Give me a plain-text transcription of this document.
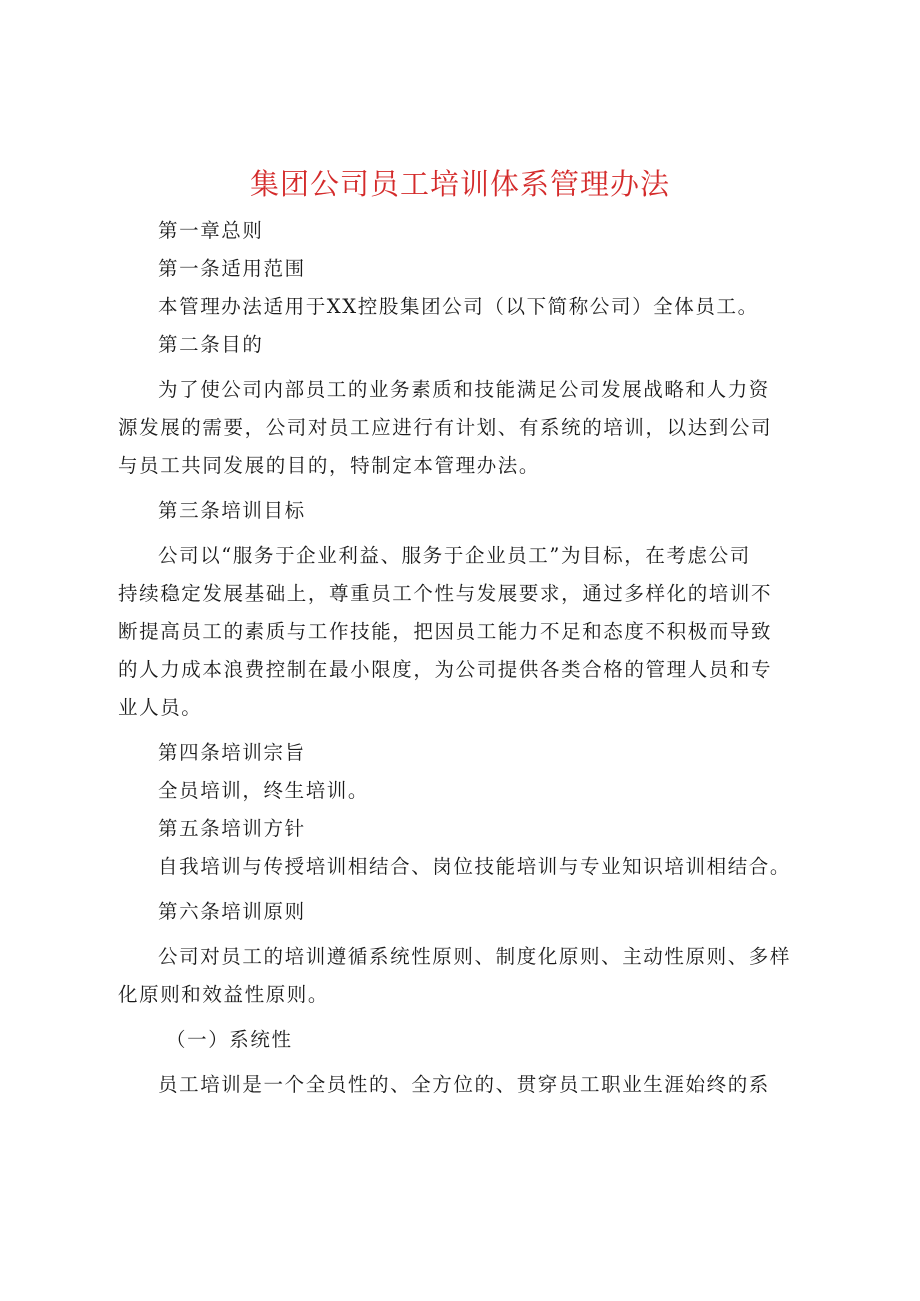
集团公司员工培训体系管理办法

第一章总则

第一条适用范围

本管理办法适用于XX控股集团公司（以下简称公司）全体员工。

第二条目的

为了使公司内部员工的业务素质和技能满足公司发展战略和人力资

源发展的需要，公司对员工应进行有计划、有系统的培训，以达到公司

与员工共同发展的目的，特制定本管理办法。

第三条培训目标

公司以“服务于企业利益、服务于企业员工”为目标，在考虑公司

持续稳定发展基础上，尊重员工个性与发展要求，通过多样化的培训不

断提高员工的素质与工作技能，把因员工能力不足和态度不积极而导致

的人力成本浪费控制在最小限度，为公司提供各类合格的管理人员和专

业人员。

第四条培训宗旨

全员培训，终生培训。

第五条培训方针

自我培训与传授培训相结合、岗位技能培训与专业知识培训相结合。

第六条培训原则

公司对员工的培训遵循系统性原则、制度化原则、主动性原则、多样

化原则和效益性原则。

（一）系统性

员工培训是一个全员性的、全方位的、贯穿员工职业生涯始终的系
